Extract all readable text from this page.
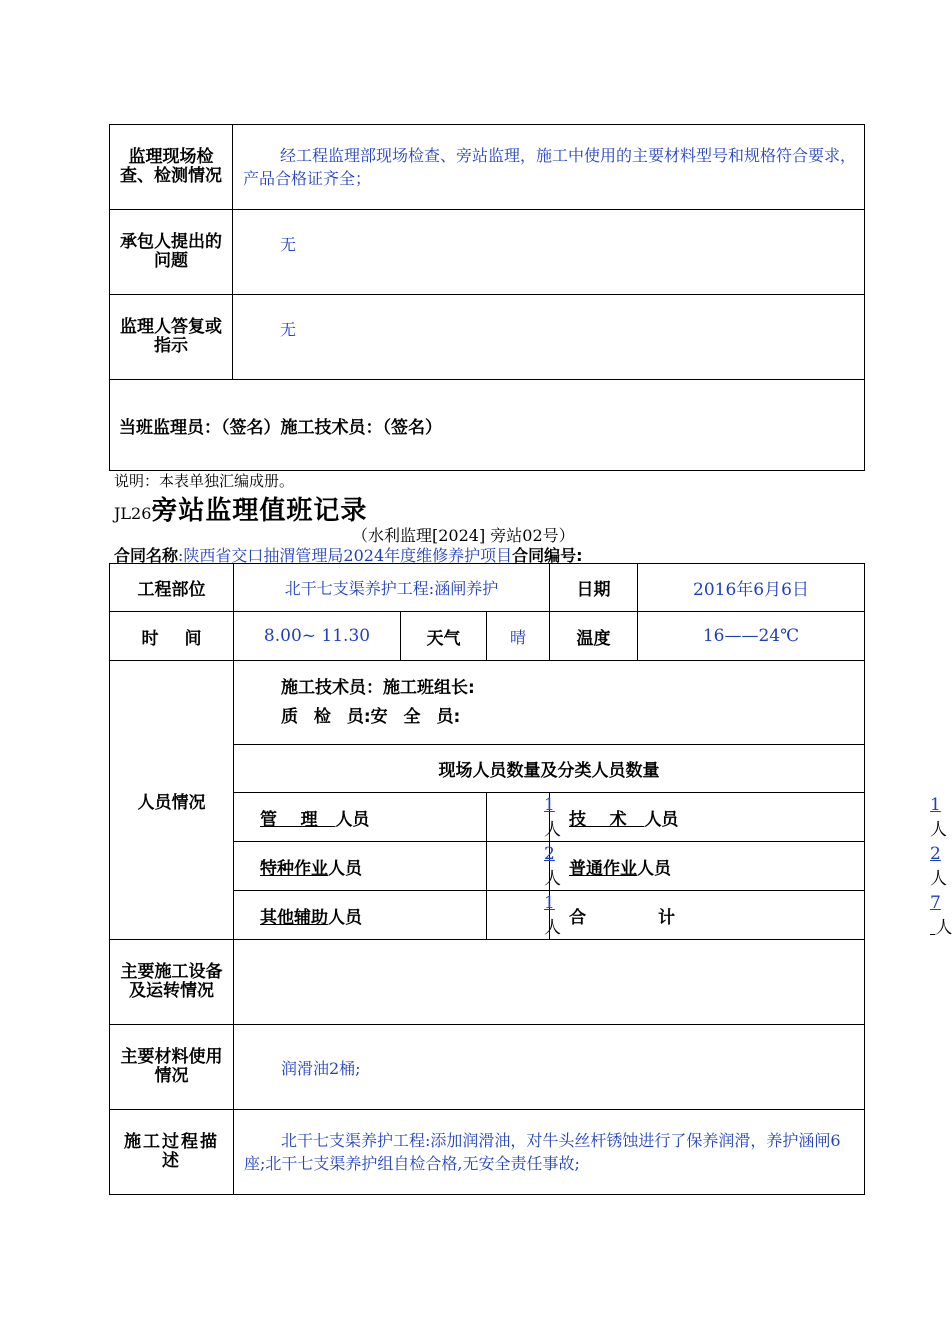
监理现场检查、检测情况	经工程监理部现场检查、旁站监理，施工中使用的主要材料型号和规格符合要求，产品合格证齐全；
承包人提出的问题	无
监理人答复或指示	无
当班监理员：（签名）施工技术员：（签名）	
说明：本表单独汇编成册。
JL26旁站监理值班记录
（水利监理[2024] 旁站02号）
合同名称:陕西省交口抽渭管理局2024年度维修养护项目合同编号:
工程部位	北干七支渠养护工程:涵闸养护			日期	2016年6月6日	
时 间	8.00~ 11.30	天气	晴	温度	16——24℃	
人员情况	施工技术员：施工班组长:
质 检 员:安 全 员:					

	现场人员数量及分类人员数量					
	管    理   人员		1人	技    术   人员		1人
	特种作业人员		2人	普通作业人员		2人
	其他辅助人员		1人	合 计		7 人
主要施工设备及运转情况						
主要材料使用情况	润滑油2桶;					
施工过程描述	北干七支渠养护工程:添加润滑油，对牛头丝杆锈蚀进行了保养润滑，养护涵闸6座;北干七支渠养护组自检合格,无安全责任事故;					
